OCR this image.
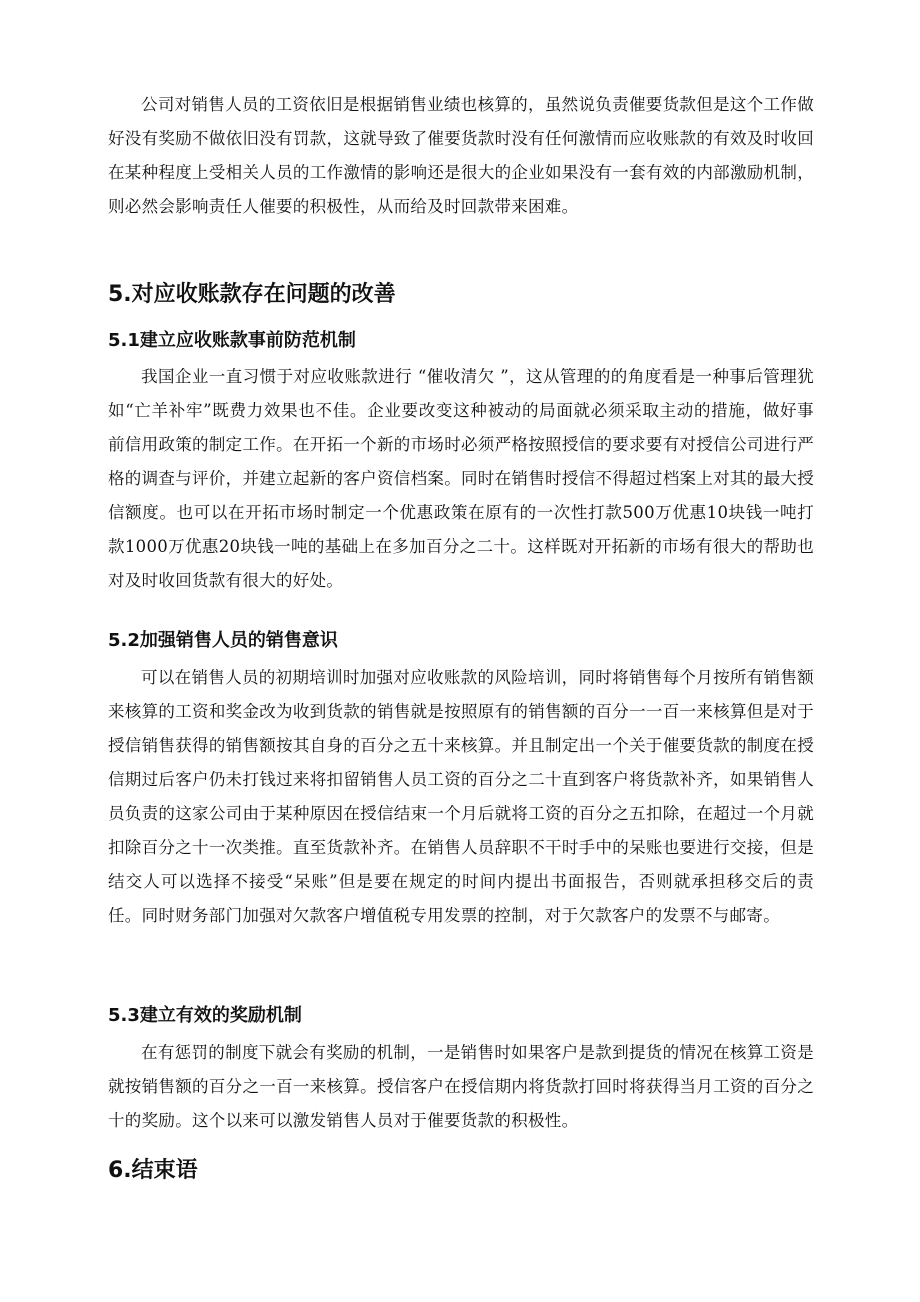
公司对销售人员的工资依旧是根据销售业绩也核算的，虽然说负责催要货款但是这个工作做好没有奖励不做依旧没有罚款，这就导致了催要货款时没有任何激情而应收账款的有效及时收回在某种程度上受相关人员的工作激情的影响还是很大的企业如果没有一套有效的内部激励机制，则必然会影响责任人催要的积极性，从而给及时回款带来困难。

5.对应收账款存在问题的改善
5.1建立应收账款事前防范机制

我国企业一直习惯于对应收账款进行 “催收清欠 ”，这从管理的的角度看是一种事后管理犹如“亡羊补牢”既费力效果也不佳。企业要改变这种被动的局面就必须采取主动的措施，做好事前信用政策的制定工作。在开拓一个新的市场时必须严格按照授信的要求要有对授信公司进行严格的调查与评价，并建立起新的客户资信档案。同时在销售时授信不得超过档案上对其的最大授信额度。也可以在开拓市场时制定一个优惠政策在原有的一次性打款500万优惠10块钱一吨打款1000万优惠20块钱一吨的基础上在多加百分之二十。这样既对开拓新的市场有很大的帮助也对及时收回货款有很大的好处。

5.2加强销售人员的销售意识

可以在销售人员的初期培训时加强对应收账款的风险培训，同时将销售每个月按所有销售额来核算的工资和奖金改为收到货款的销售就是按照原有的销售额的百分一一百一来核算但是对于授信销售获得的销售额按其自身的百分之五十来核算。并且制定出一个关于催要货款的制度在授信期过后客户仍未打钱过来将扣留销售人员工资的百分之二十直到客户将货款补齐，如果销售人员负责的这家公司由于某种原因在授信结束一个月后就将工资的百分之五扣除，在超过一个月就扣除百分之十一次类推。直至货款补齐。在销售人员辞职不干时手中的呆账也要进行交接，但是结交人可以选择不接受“呆账”但是要在规定的时间内提出书面报告，否则就承担移交后的责任。同时财务部门加强对欠款客户增值税专用发票的控制，对于欠款客户的发票不与邮寄。

5.3建立有效的奖励机制

在有惩罚的制度下就会有奖励的机制，一是销售时如果客户是款到提货的情况在核算工资是就按销售额的百分之一百一来核算。授信客户在授信期内将货款打回时将获得当月工资的百分之十的奖励。这个以来可以激发销售人员对于催要货款的积极性。

6.结束语
